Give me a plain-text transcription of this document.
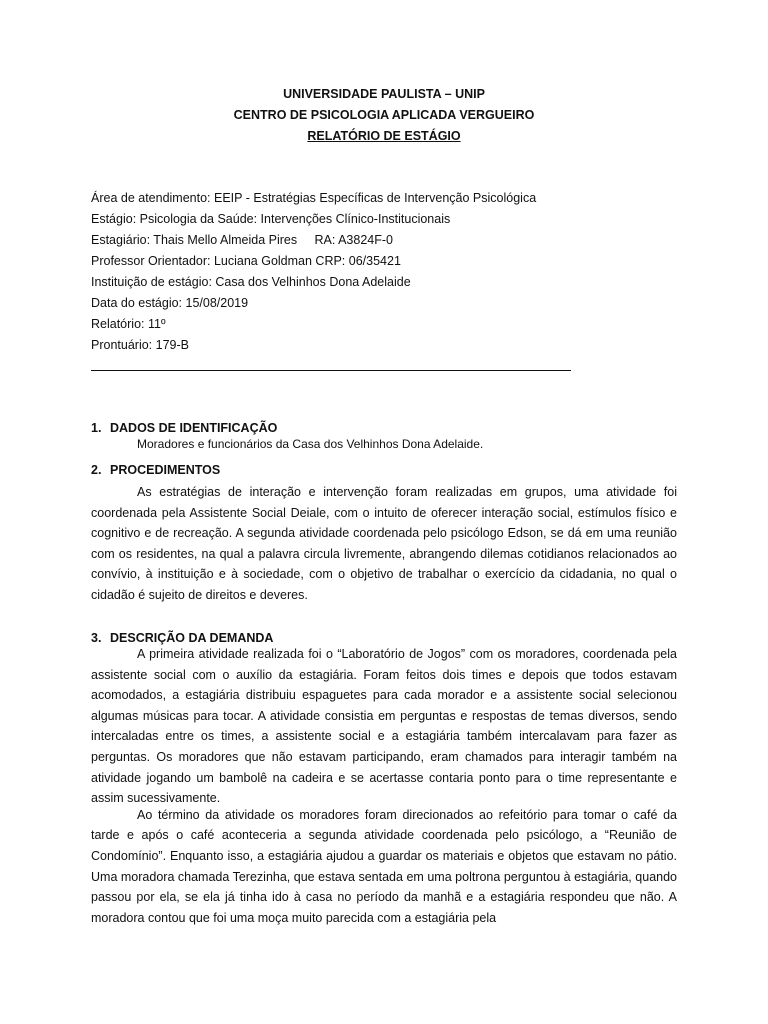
UNIVERSIDADE PAULISTA – UNIP
CENTRO DE PSICOLOGIA APLICADA VERGUEIRO
RELATÓRIO DE ESTÁGIO
Área de atendimento: EEIP - Estratégias Específicas de Intervenção Psicológica
Estágio: Psicologia da Saúde: Intervenções Clínico-Institucionais
Estagiário: Thais Mello Almeida Pires     RA: A3824F-0
Professor Orientador: Luciana Goldman CRP: 06/35421
Instituição de estágio: Casa dos Velhinhos Dona Adelaide
Data do estágio: 15/08/2019
Relatório: 11º
Prontuário: 179-B
1. DADOS DE IDENTIFICAÇÃO
Moradores e funcionários da Casa dos Velhinhos Dona Adelaide.
2. PROCEDIMENTOS

As estratégias de interação e intervenção foram realizadas em grupos, uma atividade foi coordenada pela Assistente Social Deiale, com o intuito de oferecer interação social, estímulos físico e cognitivo e de recreação. A segunda atividade coordenada pelo psicólogo Edson, se dá em uma reunião com os residentes, na qual a palavra circula livremente, abrangendo dilemas cotidianos relacionados ao convívio, à instituição e à sociedade, com o objetivo de trabalhar o exercício da cidadania, no qual o cidadão é sujeito de direitos e deveres.

3. DESCRIÇÃO DA DEMANDA

A primeira atividade realizada foi o “Laboratório de Jogos” com os moradores, coordenada pela assistente social com o auxílio da estagiária. Foram feitos dois times e depois que todos estavam acomodados, a estagiária distribuiu espaguetes para cada morador e a assistente social selecionou algumas músicas para tocar. A atividade consistia em perguntas e respostas de temas diversos, sendo intercaladas entre os times, a assistente social e a estagiária também intercalavam para fazer as perguntas. Os moradores que não estavam participando, eram chamados para interagir também na atividade jogando um bambolê na cadeira e se acertasse contaria ponto para o time representante e assim sucessivamente.

Ao término da atividade os moradores foram direcionados ao refeitório para tomar o café da tarde e após o café aconteceria a segunda atividade coordenada pelo psicólogo, a “Reunião de Condomínio”. Enquanto isso, a estagiária ajudou a guardar os materiais e objetos que estavam no pátio. Uma moradora chamada Terezinha, que estava sentada em uma poltrona perguntou à estagiária, quando passou por ela, se ela já tinha ido à casa no período da manhã e a estagiária respondeu que não. A moradora contou que foi uma moça muito parecida com a estagiária pela
